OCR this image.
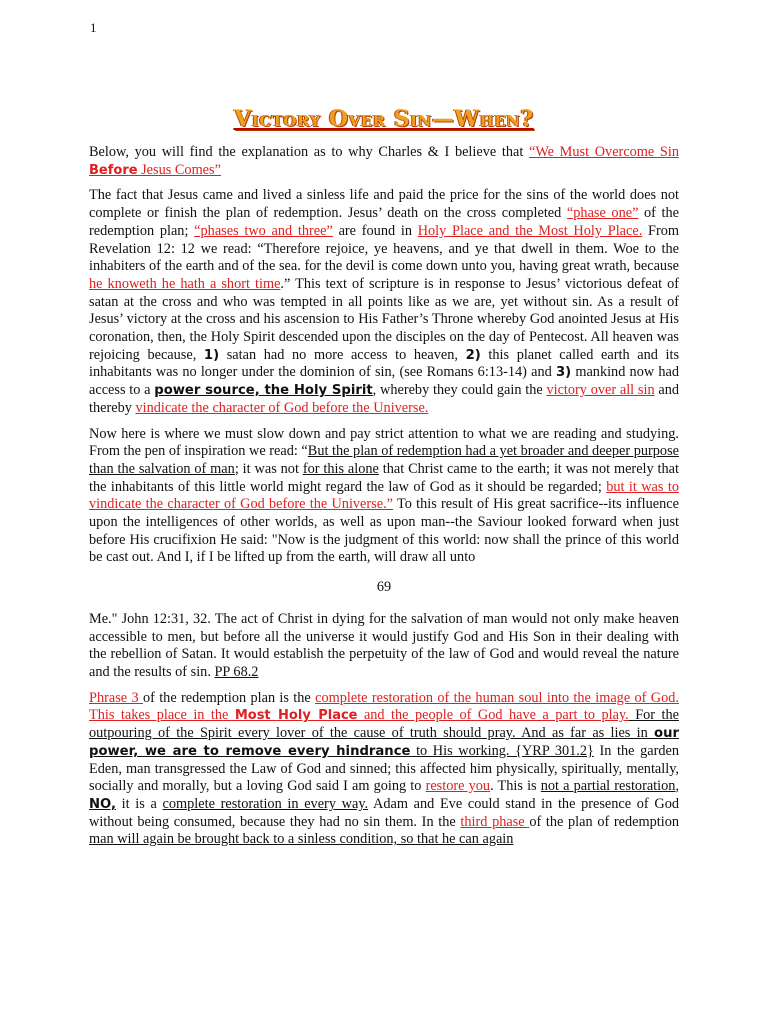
1
Victory Over Sin—When?

Below, you will find the explanation as to why Charles & I believe that “We Must Overcome Sin Before Jesus Comes”

The fact that Jesus came and lived a sinless life and paid the price for the sins of the world does not complete or finish the plan of redemption. Jesus’ death on the cross completed “phase one” of the redemption plan; “phases two and three” are found in Holy Place and the Most Holy Place. From Revelation 12: 12 we read: “Therefore rejoice, ye heavens, and ye that dwell in them. Woe to the inhabiters of the earth and of the sea. for the devil is come down unto you, having great wrath, because he knoweth he hath a short time.” This text of scripture is in response to Jesus’ victorious defeat of satan at the cross and who was tempted in all points like as we are, yet without sin. As a result of Jesus’ victory at the cross and his ascension to His Father’s Throne whereby God anointed Jesus at His coronation, then, the Holy Spirit descended upon the disciples on the day of Pentecost. All heaven was rejoicing because, 1) satan had no more access to heaven, 2) this planet called earth and its inhabitants was no longer under the dominion of sin, (see Romans 6:13-14) and 3) mankind now had access to a power source, the Holy Spirit, whereby they could gain the victory over all sin and thereby vindicate the character of God before the Universe.

Now here is where we must slow down and pay strict attention to what we are reading and studying. From the pen of inspiration we read: “But the plan of redemption had a yet broader and deeper purpose than the salvation of man; it was not for this alone that Christ came to the earth; it was not merely that the inhabitants of this little world might regard the law of God as it should be regarded; but it was to vindicate the character of God before the Universe.” To this result of His great sacrifice--its influence upon the intelligences of other worlds, as well as upon man--the Saviour looked forward when just before His crucifixion He said: "Now is the judgment of this world: now shall the prince of this world be cast out. And I, if I be lifted up from the earth, will draw all unto

69

Me." John 12:31, 32. The act of Christ in dying for the salvation of man would not only make heaven accessible to men, but before all the universe it would justify God and His Son in their dealing with the rebellion of Satan. It would establish the perpetuity of the law of God and would reveal the nature and the results of sin. PP 68.2

Phrase 3 of the redemption plan is the complete restoration of the human soul into the image of God. This takes place in the Most Holy Place and the people of God have a part to play. For the outpouring of the Spirit every lover of the cause of truth should pray. And as far as lies in our power, we are to remove every hindrance to His working. {YRP 301.2} In the garden Eden, man transgressed the Law of God and sinned; this affected him physically, spiritually, mentally, socially and morally, but a loving God said I am going to restore you. This is not a partial restoration, NO, it is a complete restoration in every way. Adam and Eve could stand in the presence of God without being consumed, because they had no sin them. In the third phase of the plan of redemption man will again be brought back to a sinless condition, so that he can again
